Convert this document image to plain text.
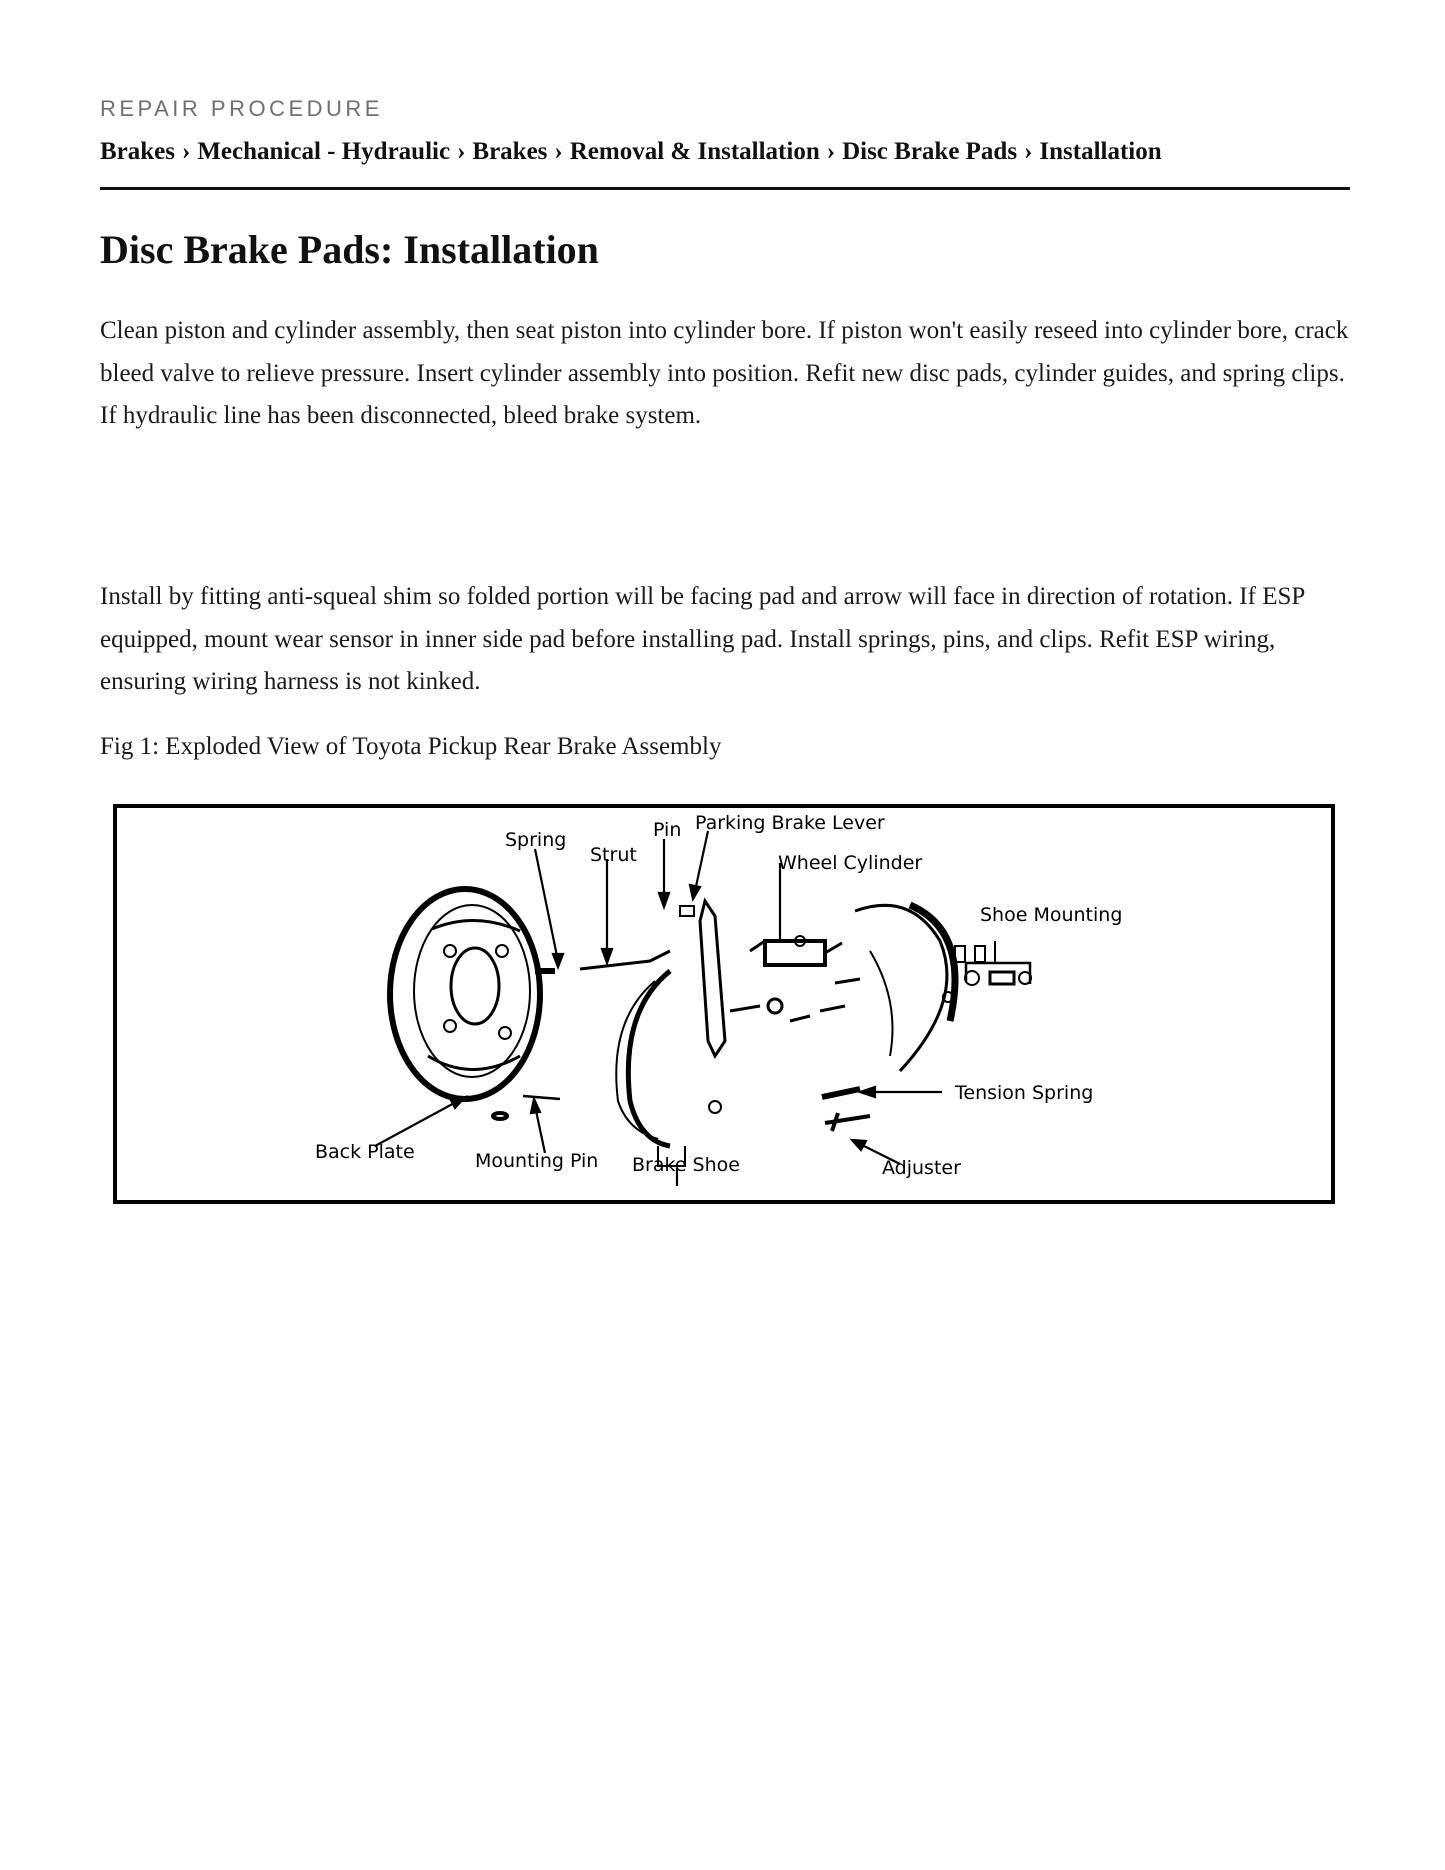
REPAIR PROCEDURE
Brakes › Mechanical - Hydraulic › Brakes › Removal & Installation › Disc Brake Pads › Installation
Disc Brake Pads: Installation

Clean piston and cylinder assembly, then seat piston into cylinder bore. If piston won't easily reseed into cylinder bore, crack bleed valve to relieve pressure. Insert cylinder assembly into position. Refit new disc pads, cylinder guides, and spring clips. If hydraulic line has been disconnected, bleed brake system.

Install by fitting anti-squeal shim so folded portion will be facing pad and arrow will face in direction of rotation. If ESP equipped, mount wear sensor in inner side pad before installing pad. Install springs, pins, and clips. Refit ESP wiring, ensuring wiring harness is not kinked.

Fig 1: Exploded View of Toyota Pickup Rear Brake Assembly

Spring
Strut
Pin Parking Brake Lever
Wheel Cylinder
Shoe Mounting
Tension Spring
Adjuster
Back Plate	Mounting Pin Brake Shoe
